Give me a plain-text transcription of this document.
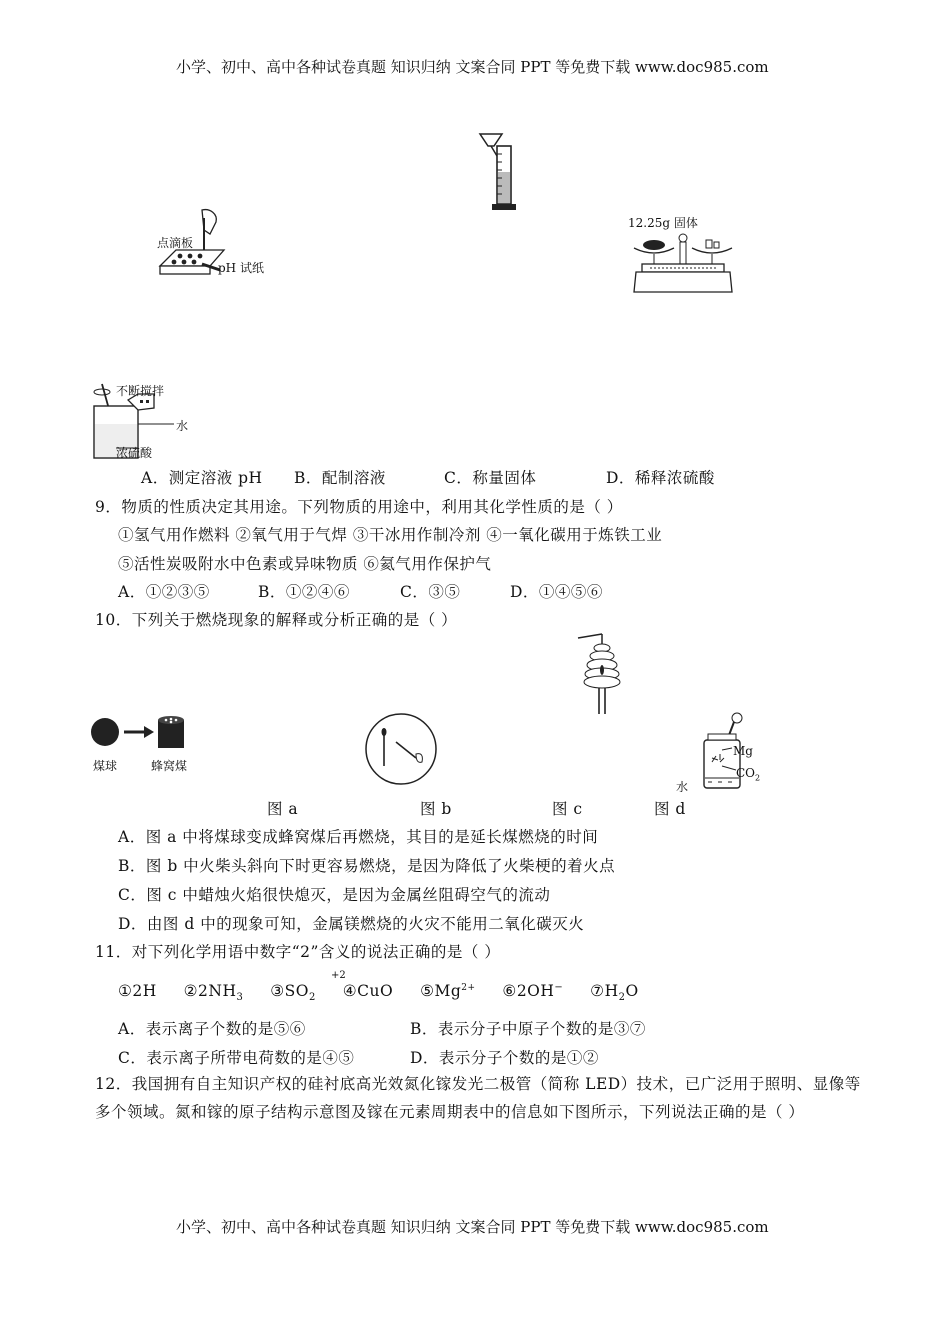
小学、初中、高中各种试卷真题 知识归纳 文案合同 PPT 等免费下载 www.doc985.com
点滴板
pH 试纸
12.25g 固体
不断搅拌
水
浓硫酸
A．测定溶液 pH B．配制溶液	C．称量固体	D．稀释浓硫酸
9．物质的性质决定其用途。下列物质的用途中，利用其化学性质的是（ ）
①氢气用作燃料 ②氧气用于气焊 ③干冰用作制冷剂 ④一氧化碳用于炼铁工业
⑤活性炭吸附水中色素或异味物质 ⑥氦气用作保护气
A．①②③⑤	B．①②④⑥	C．③⑤	D．①④⑤⑥
10．下列关于燃烧现象的解释或分析正确的是（ ）
煤球	蜂窝煤
Mg
$CO_2$
水
图 a	图 b	图 c	图 d
A．图 a 中将煤球变成蜂窝煤后再燃烧，其目的是延长煤燃烧的时间
B．图 b 中火柴头斜向下时更容易燃烧，是因为降低了火柴梗的着火点
C．图 c 中蜡烛火焰很快熄灭，是因为金属丝阻碍空气的流动
D．由图 d 中的现象可知，金属镁燃烧的火灾不能用二氧化碳灭火
11．对下列化学用语中数字“2”含义的说法正确的是（ ）
+2
①2H $②2NH_3$ $③SO_2$ ④CuO $⑤Mg^{2+}$ ⑥2OH− $⑦H_2O$
A．表示离子个数的是⑤⑥	B．表示分子中原子个数的是③⑦
C．表示离子所带电荷数的是④⑤	D．表示分子个数的是①②
12．我国拥有自主知识产权的硅衬底高光效氮化镓发光二极管（简称 LED）技术，已广泛用于照明、显像等多个领域。氮和镓的原子结构示意图及镓在元素周期表中的信息如下图所示，下列说法正确的是（ ）
小学、初中、高中各种试卷真题 知识归纳 文案合同 PPT 等免费下载 www.doc985.com
